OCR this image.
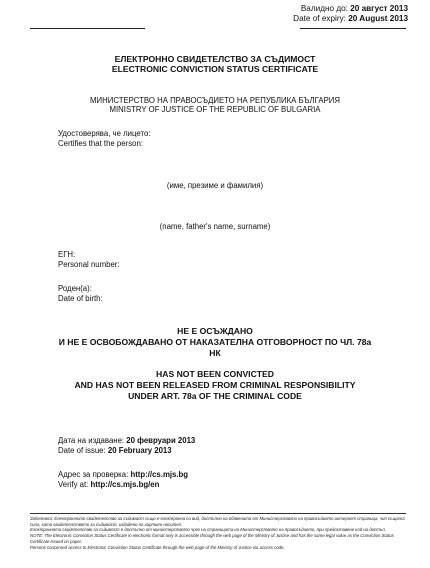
Валидно до: 20 август 2013
Date of expiry: 20 August 2013
ЕЛЕКТРОННО СВИДЕТЕЛСТВО ЗА СЪДИМОСТ
ELECTRONIC CONVICTION STATUS CERTIFICATE
МИНИСТЕРСТВО НА ПРАВОСЪДИЕТО НА РЕПУБЛИКА БЪЛГАРИЯ
MINISTRY OF JUSTICE OF THE REPUBLIC OF BULGARIA
Удостоверява, че лицето:
Certifies that the person:
(име, презиме и фамилия)
(name, father's name, surname)
ЕГН:
Personal number:
Роден(а):
Date of birth:
НЕ Е ОСЪЖДАНО
И НЕ Е ОСВОБОЖДАВАНО ОТ НАКАЗАТЕЛНА ОТГОВОРНОСТ ПО ЧЛ. 78а
НК
HAS NOT BEEN CONVICTED
AND HAS NOT BEEN RELEASED FROM CRIMINAL RESPONSIBILITY
UNDER ART. 78a OF THE CRIMINAL CODE
Дата на издаване: 20 февруари 2013
Date of issue: 20 February 2013
Адрес за проверка: http://cs.mjs.bg
Verify at: http://cs.mjs.bg/en
Забележка: Електронното свидетелство за съдимост също е електронна си вид, достъпно на обявената от Министерството на правосъдието интернет страница, чия същата сила, като свидетелството за съдимост, издадено на хартиен носител.
Електронното свидетелство за съдимост е достъпно от министерството чрез на страницата на Министерството на правосъдието, при предоставяне кой на достъп.
NOTE: The Electronic Conviction Status Certificate in electronic format only is accessible through the web page of the Ministry of Justice and has the same legal value as the Conviction Status Certificate issued on paper.
Persons concerned access to Electronic Conviction Status Certificate through the web page of the Ministry of Justice via access code.
